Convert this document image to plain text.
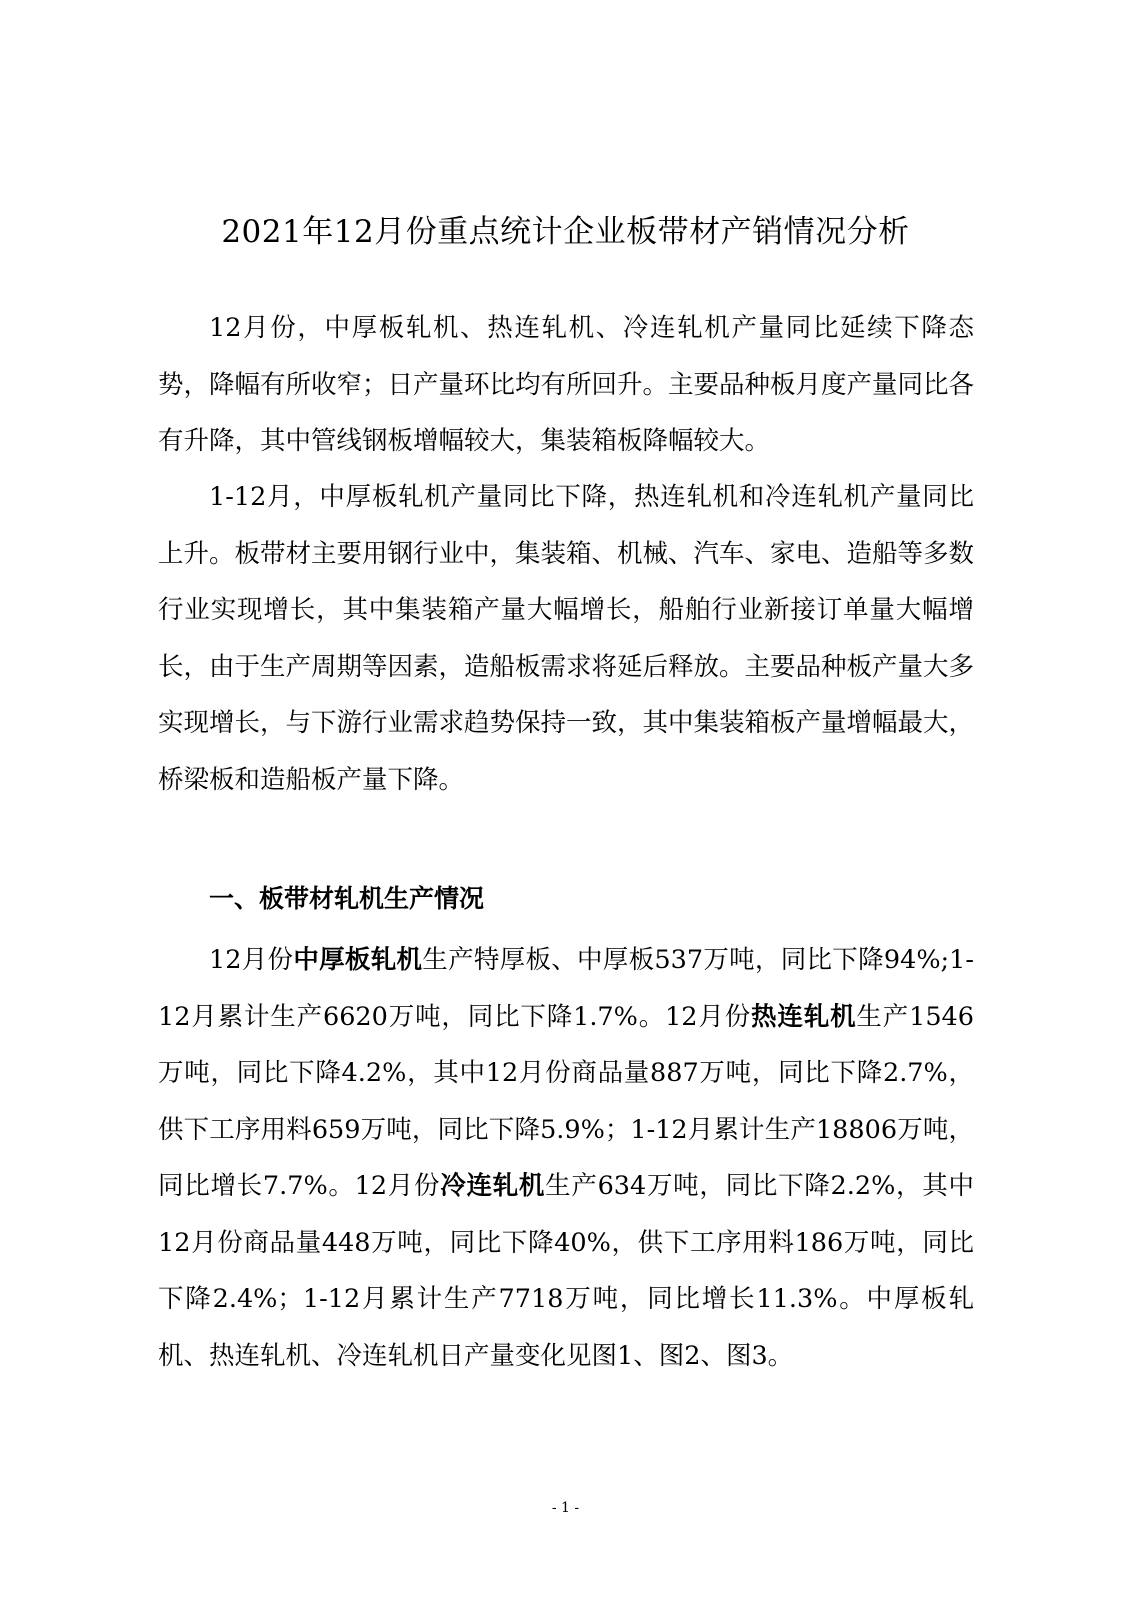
2021年12月份重点统计企业板带材产销情况分析

12月份，中厚板轧机、热连轧机、冷连轧机产量同比延续下降态势，降幅有所收窄；日产量环比均有所回升。主要品种板月度产量同比各有升降，其中管线钢板增幅较大，集装箱板降幅较大。

1-12月，中厚板轧机产量同比下降，热连轧机和冷连轧机产量同比上升。板带材主要用钢行业中，集装箱、机械、汽车、家电、造船等多数行业实现增长，其中集装箱产量大幅增长，船舶行业新接订单量大幅增长，由于生产周期等因素，造船板需求将延后释放。主要品种板产量大多实现增长，与下游行业需求趋势保持一致，其中集装箱板产量增幅最大，桥梁板和造船板产量下降。

一、板带材轧机生产情况

12月份中厚板轧机生产特厚板、中厚板537万吨，同比下降94%;1-12月累计生产6620万吨，同比下降1.7%。12月份热连轧机生产1546万吨，同比下降4.2%，其中12月份商品量887万吨，同比下降2.7%，供下工序用料659万吨，同比下降5.9%；1-12月累计生产18806万吨，同比增长7.7%。12月份冷连轧机生产634万吨，同比下降2.2%，其中12月份商品量448万吨，同比下降40%，供下工序用料186万吨，同比下降2.4%；1-12月累计生产7718万吨，同比增长11.3%。中厚板轧机、热连轧机、冷连轧机日产量变化见图1、图2、图3。

- 1 -
